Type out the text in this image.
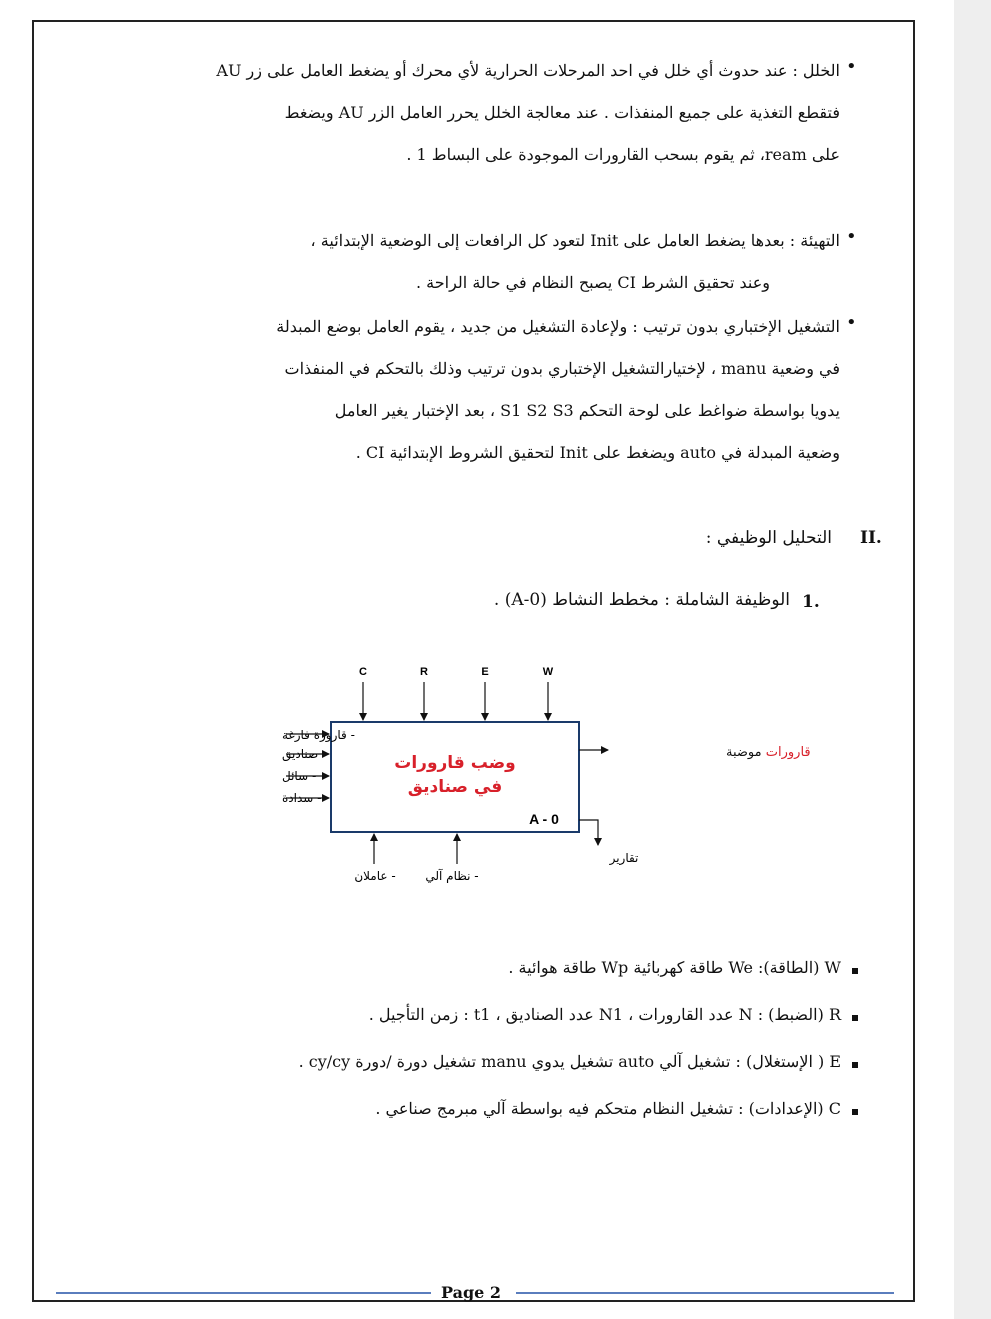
•
الخلل : عند حدوث أي خلل في احد المرحلات الحرارية لأي محرك أو يضغط العامل على زر AU
فتقطع التغذية على جميع المنفذات . عند معالجة الخلل يحرر العامل الزر AU ويضغط
على ream، ثم يقوم بسحب القارورات الموجودة على البساط 1 .
•
التهيئة : بعدها يضغط العامل على Init لتعود كل الرافعات إلى الوضعية الإبتدائية ،
وعند تحقيق الشرط CI يصبح النظام في حالة الراحة .
•
التشغيل الإختباري بدون ترتيب : ولإعادة التشغيل من جديد ، يقوم العامل بوضع المبدلة
في وضعية manu ، لإختيارالتشغيل الإختباري بدون ترتيب وذلك بالتحكم في المنفذات
يدويا بواسطة ضواغط على لوحة التحكم S1 S2 S3 ، بعد الإختبار يغير العامل
وضعية المبدلة في auto ويضغط على Init لتحقيق الشروط الإبتدائية CI .
II.
التحليل الوظيفي :
1.
الوظيفة الشاملة : مخطط النشاط (A-0) .
C	R	E	W
- قارورة فارغة
- صناديق
- سائل
- سدادة
وضب قارورات
في صناديق
A - 0
قارورات موضبة
تقارير
- عاملان - نظام آلي
W (الطاقة): We طاقة كهربائية Wp طاقة هوائية .
R (الضبط) : N عدد القارورات ، N1 عدد الصناديق ، t1 : زمن التأجيل .
E ( الإستغلال) : تشغيل آلي auto تشغيل يدوي manu تشغيل دورة /دورة cy/cy .
C (الإعدادات) : تشغيل النظام متحكم فيه بواسطة آلي مبرمج صناعي .
Page 2
